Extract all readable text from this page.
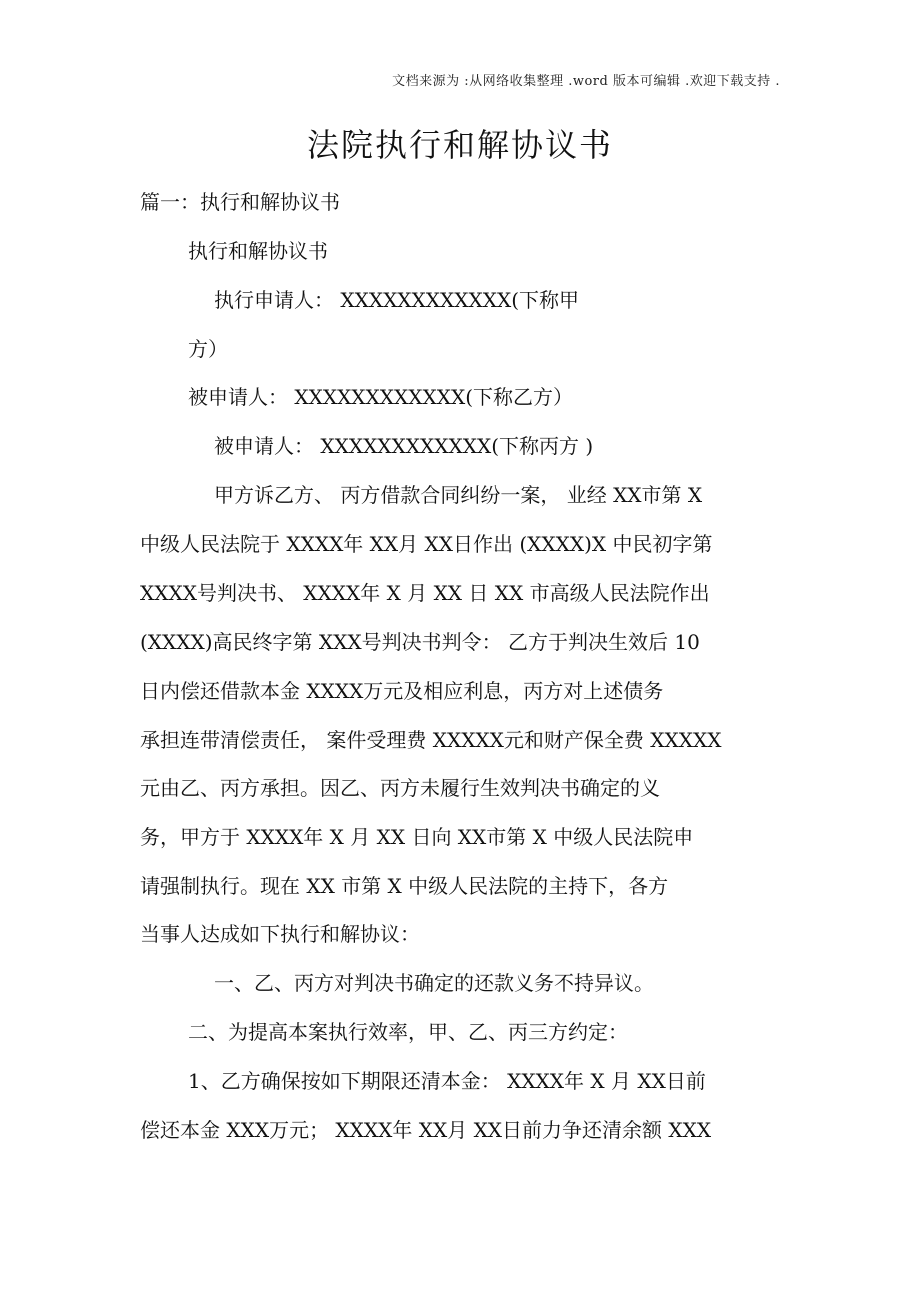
文档来源为 :从网络收集整理 .word 版本可编辑 .欢迎下载支持 .
法院执行和解协议书
篇一：执行和解协议书
执行和解协议书
执行申请人： XXXXXXXXXXXX(下称甲
方）
被申请人： XXXXXXXXXXXX(下称乙方）
被申请人： XXXXXXXXXXXX(下称丙方 )
甲方诉乙方、 丙方借款合同纠纷一案， 业经 XX市第 X
中级人民法院于 XXXX年 XX月 XX日作出 (XXXX)X 中民初字第
XXXX号判决书、 XXXX年 X 月 XX 日 XX 市高级人民法院作出
(XXXX)高民终字第 XXX号判决书判令： 乙方于判决生效后 10
日内偿还借款本金 XXXX万元及相应利息，丙方对上述债务
承担连带清偿责任， 案件受理费 XXXXX元和财产保全费 XXXXX
元由乙、丙方承担。因乙、丙方未履行生效判决书确定的义
务，甲方于 XXXX年 X 月 XX 日向 XX市第 X 中级人民法院申
请强制执行。现在 XX 市第 X 中级人民法院的主持下，各方
当事人达成如下执行和解协议：
一、乙、丙方对判决书确定的还款义务不持异议。
二、为提高本案执行效率，甲、乙、丙三方约定：
1、乙方确保按如下期限还清本金： XXXX年 X 月 XX日前
偿还本金 XXX万元； XXXX年 XX月 XX日前力争还清余额 XXX
